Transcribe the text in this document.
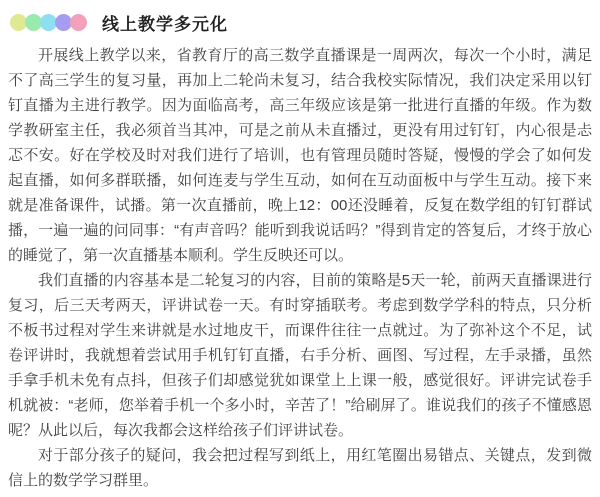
线上教学多元化

开展线上教学以来，省教育厅的高三数学直播课是一周两次，每次一个小时，满足不了高三学生的复习量，再加上二轮尚未复习，结合我校实际情况，我们决定采用以钉钉直播为主进行教学。因为面临高考，高三年级应该是第一批进行直播的年级。作为数学教研室主任，我必须首当其冲，可是之前从未直播过，更没有用过钉钉，内心很是忐忑不安。好在学校及时对我们进行了培训，也有管理员随时答疑，慢慢的学会了如何发起直播，如何多群联播，如何连麦与学生互动，如何在互动面板中与学生互动。接下来就是准备课件，试播。第一次直播前，晚上12：00还没睡着，反复在数学组的钉钉群试播，一遍一遍的问同事：“有声音吗？能听到我说话吗？”得到肯定的答复后，才终于放心的睡觉了，第一次直播基本顺利。学生反映还可以。

我们直播的内容基本是二轮复习的内容，目前的策略是5天一轮，前两天直播课进行复习，后三天考两天，评讲试卷一天。有时穿插联考。考虑到数学学科的特点，只分析不板书过程对学生来讲就是水过地皮干，而课件往往一点就过。为了弥补这个不足，试卷评讲时，我就想着尝试用手机钉钉直播，右手分析、画图、写过程，左手录播，虽然手拿手机未免有点抖，但孩子们却感觉犹如课堂上上课一般，感觉很好。评讲完试卷手机就被：“老师，您举着手机一个多小时，辛苦了！”给刷屏了。谁说我们的孩子不懂感恩呢？从此以后，每次我都会这样给孩子们评讲试卷。

对于部分孩子的疑问，我会把过程写到纸上，用红笔圈出易错点、关键点，发到微信上的数学学习群里。
